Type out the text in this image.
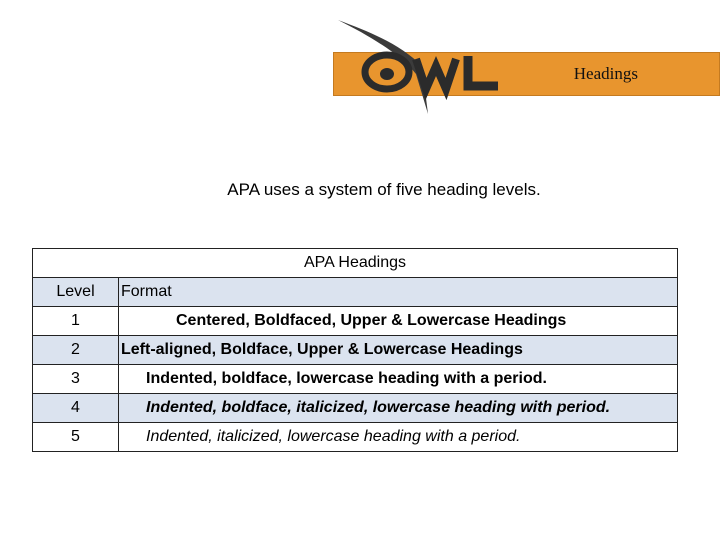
Headings
APA uses a system of five heading levels.
APA Headings	
Level	Format
1	Centered, Boldfaced, Upper & Lowercase Headings
2	Left-aligned, Boldface, Upper & Lowercase Headings
3	Indented, boldface, lowercase heading with a period.
4	Indented, boldface, italicized, lowercase heading with period.
5	Indented, italicized, lowercase heading with a period.
